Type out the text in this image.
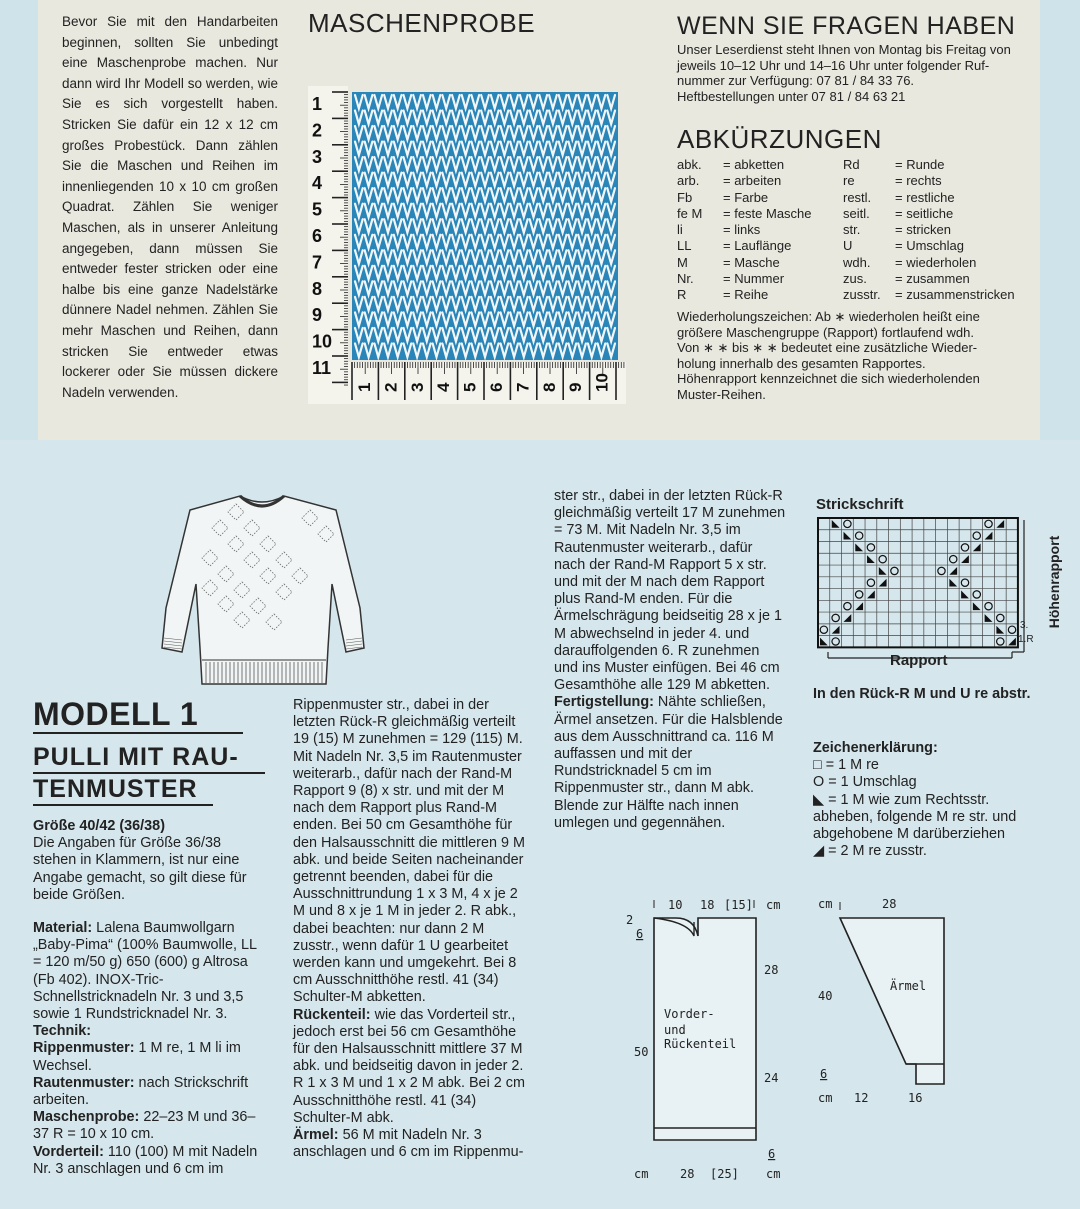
Bevor Sie mit den Handarbeiten beginnen, sollten Sie unbedingt eine Maschenprobe machen. Nur dann wird Ihr Modell so werden, wie Sie es sich vorgestellt haben. Stricken Sie dafür ein 12 x 12 cm großes Probestück. Dann zählen Sie die Maschen und Reihen im innenliegenden 10 x 10 cm großen Quadrat. Zählen Sie weniger Maschen, als in unserer Anleitung angegeben, dann müssen Sie entweder fester stricken oder eine halbe bis eine ganze Nadelstärke dünnere Nadel nehmen. Zählen Sie mehr Maschen und Reihen, dann stricken Sie entweder etwas lockerer oder Sie müssen dickere Nadeln verwenden.
MASCHENPROBE
1
2
3
4
5
6
7
8
9
10
11
1 2 3 4 5 6 7 8 9 10
WENN SIE FRAGEN HABEN
Unser Leserdienst steht Ihnen von Montag bis Freitag von
jeweils 10–12 Uhr und 14–16 Uhr unter folgender Ruf-
nummer zur Verfügung: 07 81 / 84 33 76.
Heftbestellungen unter 07 81 / 84 63 21
ABKÜRZUNGEN
abk.	= abketten	Rd	= Runde
arb.	= arbeiten	re	= rechts
Fb	= Farbe	restl.	= restliche
fe M	= feste Masche	seitl.	= seitliche
li	= links	str.	= stricken
LL	= Lauflänge	U	= Umschlag
M	= Masche	wdh.	= wiederholen
Nr.	= Nummer	zus.	= zusammen
R	= Reihe	zusstr.	= zusammenstricken
Wiederholungszeichen: Ab ∗ wiederholen heißt eine
größere Maschengruppe (Rapport) fortlaufend wdh.
Von ∗ ∗ bis ∗ ∗ bedeutet eine zusätzliche Wieder-
holung innerhalb des gesamten Rapportes.
Höhenrapport kennzeichnet die sich wiederholenden
Muster-Reihen.
MODELL 1
PULLI MIT RAU-
TENMUSTER
Größe 40/42 (36/38)
Die Angaben für Größe 36/38 stehen in Klammern, ist nur eine Angabe gemacht, so gilt diese für beide Größen.
Material: Lalena Baumwollgarn „Baby-Pima“ (100% Baumwolle, LL = 120 m/50 g) 650 (600) g Altrosa (Fb 402). INOX-Tric-Schnellstricknadeln Nr. 3 und 3,5 sowie 1 Rundstricknadel Nr. 3.
Technik:
Rippenmuster: 1 M re, 1 M li im Wechsel.
Rautenmuster: nach Strickschrift arbeiten.
Maschenprobe: 22–23 M und 36–37 R = 10 x 10 cm.
Vorderteil: 110 (100) M mit Nadeln Nr. 3 anschlagen und 6 cm im
Rippenmuster str., dabei in der letzten Rück-R gleichmäßig verteilt 19 (15) M zunehmen = 129 (115) M. Mit Nadeln Nr. 3,5 im Rautenmuster weiterarb., dafür nach der Rand-M Rapport 9 (8) x str. und mit der M nach dem Rapport plus Rand-M enden. Bei 50 cm Gesamthöhe für den Halsausschnitt die mittleren 9 M abk. und beide Seiten nacheinander getrennt beenden, dabei für die Ausschnittrundung 1 x 3 M, 4 x je 2 M und 8 x je 1 M in jeder 2. R abk., dabei beachten: nur dann 2 M zusstr., wenn dafür 1 U gearbeitet werden kann und umgekehrt. Bei 8 cm Ausschnitthöhe restl. 41 (34) Schulter-M abketten.
Rückenteil: wie das Vorderteil str., jedoch erst bei 56 cm Gesamthöhe für den Halsausschnitt mittlere 37 M abk. und beidseitig davon in jeder 2. R 1 x 3 M und 1 x 2 M abk. Bei 2 cm Ausschnitthöhe restl. 41 (34) Schulter-M abk.
Ärmel: 56 M mit Nadeln Nr. 3 anschlagen und 6 cm im Rippenmu-
ster str., dabei in der letzten Rück-R gleichmäßig verteilt 17 M zunehmen = 73 M. Mit Nadeln Nr. 3,5 im Rautenmuster weiterarb., dafür nach der Rand-M Rapport 5 x str. und mit der M nach dem Rapport plus Rand-M enden. Für die Ärmelschrägung beidseitig 28 x je 1 M abwechselnd in jeder 4. und darauffolgenden 6. R zunehmen und ins Muster einfügen. Bei 46 cm Gesamthöhe alle 129 M abketten.
Fertigstellung: Nähte schließen, Ärmel ansetzen. Für die Halsblende aus dem Ausschnittrand ca. 116 M auffassen und mit der Rundstricknadel 5 cm im Rippenmuster str., dann M abk. Blende zur Hälfte nach innen umlegen und gegennähen.
Strickschrift
Rapport
3.
1.R
Höhenrapport
In den Rück-R M und U re abstr.
Zeichenerklärung:
□ = 1 M re
O = 1 Umschlag
◣ = 1 M wie zum Rechtsstr. abheben, folgende M re str. und abgehobene M darüberziehen
◢ = 2 M re zusstr.
10 18 [15] cm
2
6
Vorder-
und
Rückenteil
50
28
24
6
cm	28 [25] cm
cm	28
Ärmel
40
6
cm 12	16
